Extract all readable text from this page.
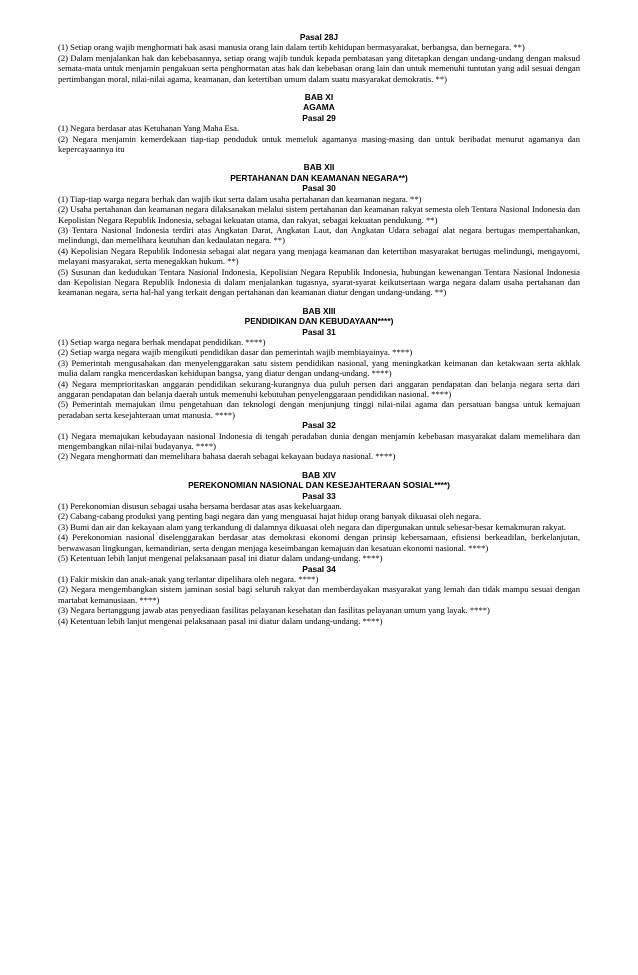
Pasal 28J

(1) Setiap orang wajib menghormati hak asasi manusia orang lain dalam tertib kehidupan bermasyarakat, berbangsa, dan bernegara. **)

(2) Dalam menjalankan hak dan kebebasannya, setiap orang wajib tunduk kepada pembatasan yang ditetapkan dengan undang-undang dengan maksud semata-mata untuk menjamin pengakuan serta penghormatan atas hak dan kebebasan orang lain dan untuk memenuhi tuntutan yang adil sesuai dengan pertimbangan moral, nilai-nilai agama, keamanan, dan ketertiban umum dalam suatu masyarakat demokratis. **)

BAB XI
AGAMA
Pasal 29

(1) Negara berdasar atas Ketuhanan Yang Maha Esa.

(2) Negara menjamin kemerdekaan tiap-tiap penduduk untuk memeluk agamanya masing-masing dan untuk beribadat menurut agamanya dan kepercayaannya itu

BAB XII
PERTAHANAN DAN KEAMANAN NEGARA**)
Pasal 30

(1) Tiap-tiap warga negara berhak dan wajib ikut serta dalam usaha pertahanan dan keamanan negara. **)

(2) Usaha pertahanan dan keamanan negara dilaksanakan melalui sistem pertahanan dan keamanan rakyat semesta oleh Tentara Nasional Indonesia dan Kepolisian Negara Republik Indonesia, sebagai kekuatan utama, dan rakyat, sebagai kekuatan pendukung. **)

(3) Tentara Nasional Indonesia terdiri atas Angkatan Darat, Angkatan Laut, dan Angkatan Udara sebagai alat negara bertugas mempertahankan, melindungi, dan memelihara keutuhan dan kedaulatan negara. **)

(4) Kepolisian Negara Republik Indonesia sebagai alat negara yang menjaga keamanan dan ketertiban masyarakat bertugas melindungi, mengayomi, melayani masyarakat, serta menegakkan hukum. **)

(5) Susunan dan kedudukan Tentara Nasional Indonesia, Kepolisian Negara Republik Indonesia, hubungan kewenangan Tentara Nasional Indonesia dan Kepolisian Negara Republik Indonesia di dalam menjalankan tugasnya, syarat-syarat keikutsertaan warga negara dalam usaha pertahanan dan keamanan negara, serta hal-hal yang terkait dengan pertahanan dan keamanan diatur dengan undang-undang. **)

BAB XIII
PENDIDIKAN DAN KEBUDAYAAN****)
Pasal 31

(1) Setiap warga negara berhak mendapat pendidikan. ****)

(2) Setiap warga negara wajib mengikuti pendidikan dasar dan pemerintah wajib membiayainya. ****)

(3) Pemerintah mengusahakan dan menyelenggarakan satu sistem pendidikan nasional, yang meningkatkan keimanan dan ketakwaan serta akhlak mulia dalam rangka mencerdaskan kehidupan bangsa, yang diatur dengan undang-undang. ****)

(4) Negara memprioritaskan anggaran pendidikan sekurang-kurangnya dua puluh persen dari anggaran pendapatan dan belanja negara serta dari anggaran pendapatan dan belanja daerah untuk memenuhi kebutuhan penyelenggaraan pendidikan nasional. ****)

(5) Pemerintah memajukan ilmu pengetahuan dan teknologi dengan menjunjung tinggi nilai-nilai agama dan persatuan bangsa untuk kemajuan peradaban serta kesejahteraan umat manusia. ****)

Pasal 32

(1) Negara memajukan kebudayaan nasional Indonesia di tengah peradaban dunia dengan menjamin kebebasan masyarakat dalam memelihara dan mengembangkan nilai-nilai budayanya. ****)

(2) Negara menghormati dan memelihara bahasa daerah sebagai kekayaan budaya nasional. ****)

BAB XIV
PEREKONOMIAN NASIONAL DAN KESEJAHTERAAN SOSIAL****)
Pasal 33

(1) Perekonomian disusun sebagai usaha bersama berdasar atas asas kekeluargaan.

(2) Cabang-cabang produksi yang penting bagi negara dan yang menguasai hajat hidup orang banyak dikuasai oleh negara.

(3) Bumi dan air dan kekayaan alam yang terkandung di dalamnya dikuasai oleh negara dan dipergunakan untuk sebesar-besar kemakmuran rakyat.

(4) Perekonomian nasional diselenggarakan berdasar atas demokrasi ekonomi dengan prinsip kebersamaan, efisiensi berkeadilan, berkelanjutan, berwawasan lingkungan, kemandirian, serta dengan menjaga keseimbangan kemajuan dan kesatuan ekonomi nasional. ****)

(5) Ketentuan lebih lanjut mengenai pelaksanaan pasal ini diatur dalam undang-undang. ****)

Pasal 34

(1) Fakir miskin dan anak-anak yang terlantar dipelihara oleh negara. ****)

(2) Negara mengembangkan sistem jaminan sosial bagi seluruh rakyat dan memberdayakan masyarakat yang lemah dan tidak mampu sesuai dengan martabat kemanusiaan. ****)

(3) Negara bertanggung jawab atas penyediaan fasilitas pelayanan kesehatan dan fasilitas pelayanan umum yang layak. ****)

(4) Ketentuan lebih lanjut mengenai pelaksanaan pasal ini diatur dalam undang-undang. ****)
